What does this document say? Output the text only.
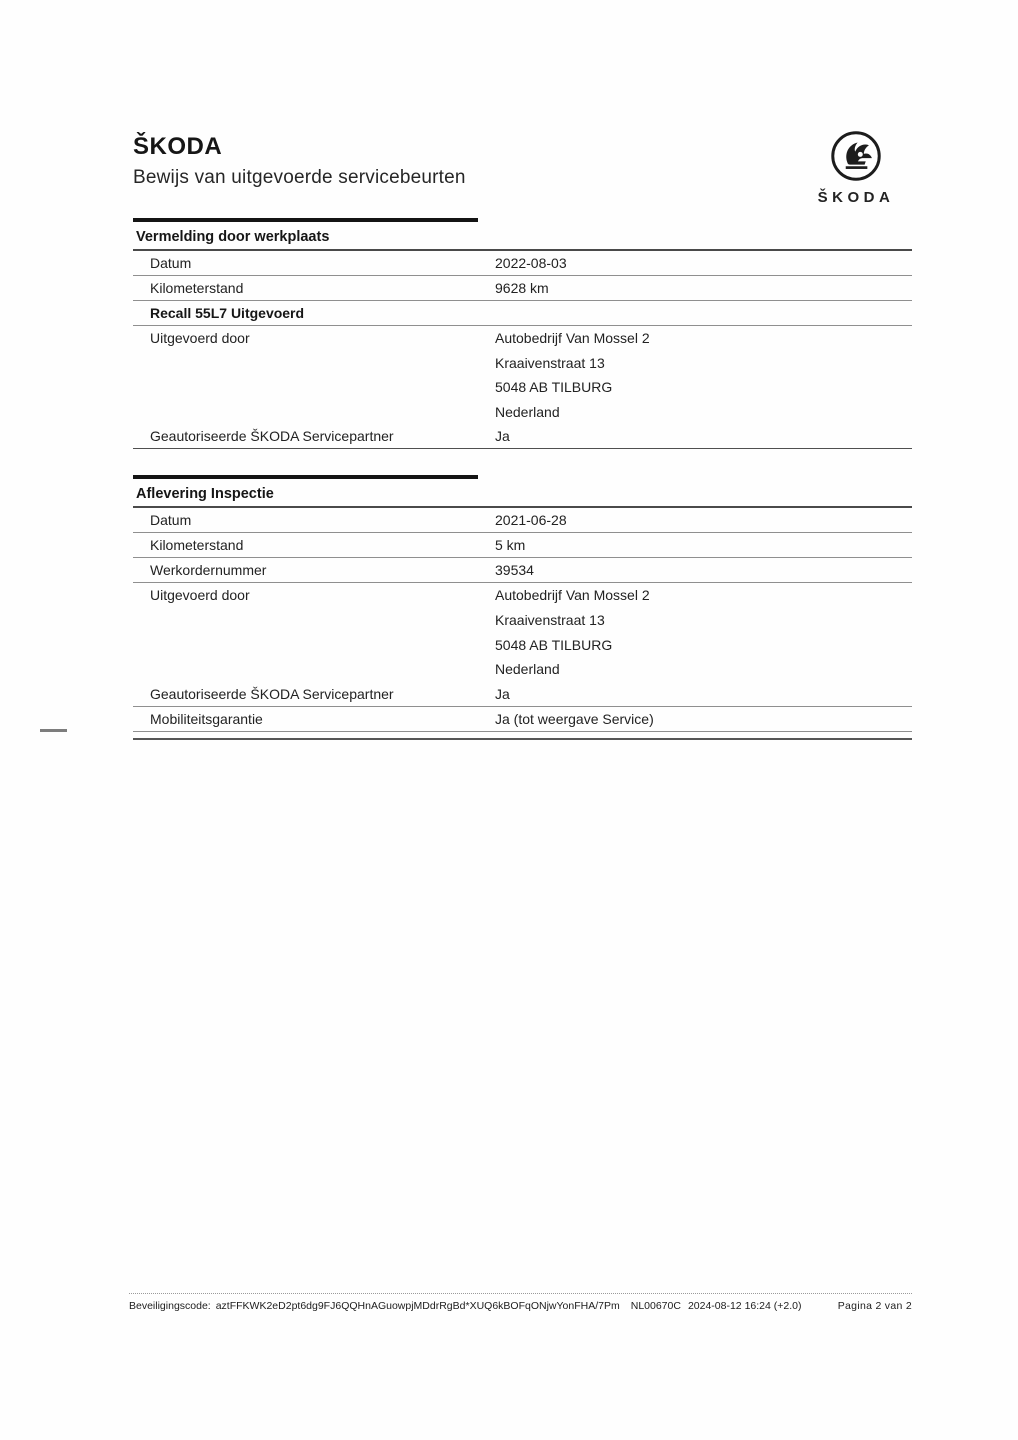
ŠKODA
Bewijs van uitgevoerde servicebeurten
ŠKODA
Vermelding door werkplaats
Datum	2022-08-03
Kilometerstand	9628 km
Recall 55L7 Uitgevoerd
Uitgevoerd door	Autobedrijf Van Mossel 2
Kraaivenstraat 13
5048 AB TILBURG
Nederland
Geautoriseerde ŠKODA Servicepartner	Ja
Aflevering Inspectie
Datum	2021-06-28
Kilometerstand	5 km
Werkordernummer	39534
Uitgevoerd door	Autobedrijf Van Mossel 2
Kraaivenstraat 13
5048 AB TILBURG
Nederland
Geautoriseerde ŠKODA Servicepartner	Ja
Mobiliteitsgarantie	Ja (tot weergave Service)
Beveiligingscode: aztFFKWK2eD2pt6dg9FJ6QQHnAGuowpjMDdrRgBd*XUQ6kBOFqONjwYonFHA/7Pm NL00670C 2024-08-12 16:24 (+2.0)	Pagina 2 van 2
